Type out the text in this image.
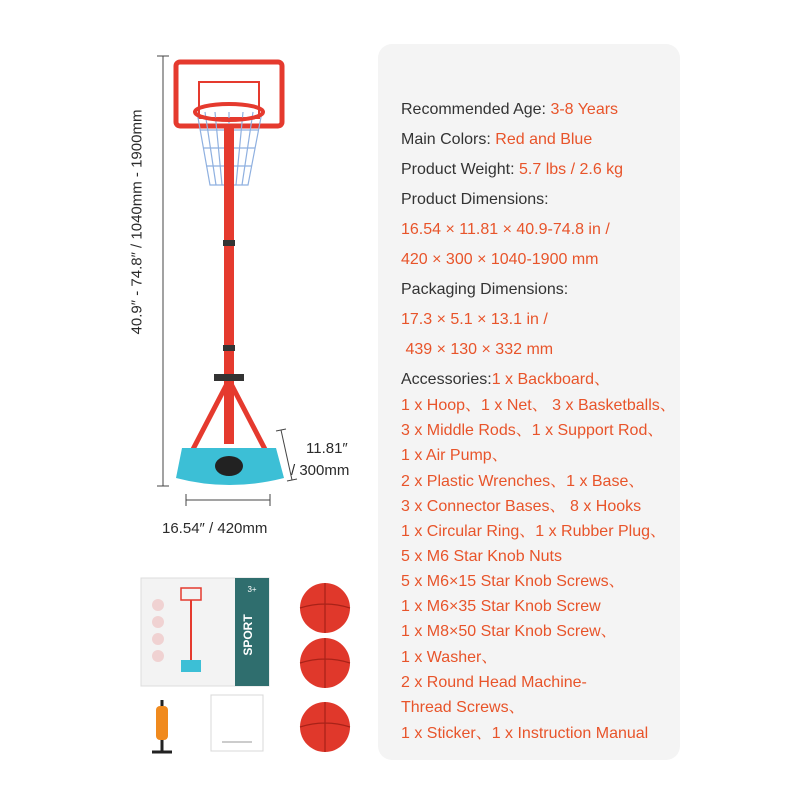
SPORT
3+
40.9″ - 74.8″ / 1040mm - 1900mm
16.54″ / 420mm
11.81″
/ 300mm
Recommended Age: 3-8 Years
Main Colors: Red and Blue
Product Weight: 5.7 lbs / 2.6 kg
Product Dimensions:
16.54 × 11.81 × 40.9-74.8 in /
420 × 300 × 1040-1900 mm
Packaging Dimensions:
17.3 × 5.1 × 13.1 in /
439 × 130 × 332 mm
Accessories:1 x Backboard、
1 x Hoop、1 x Net、 3 x Basketballs、
3 x Middle Rods、1 x Support Rod、
1 x Air Pump、
2 x Plastic Wrenches、1 x Base、
3 x Connector Bases、 8 x Hooks
1 x Circular Ring、1 x Rubber Plug、
5 x M6 Star Knob Nuts
5 x M6×15 Star Knob Screws、
1 x M6×35 Star Knob Screw
1 x M8×50 Star Knob Screw、
1 x Washer、
2 x Round Head Machine-
Thread Screws、
1 x Sticker、1 x Instruction Manual
